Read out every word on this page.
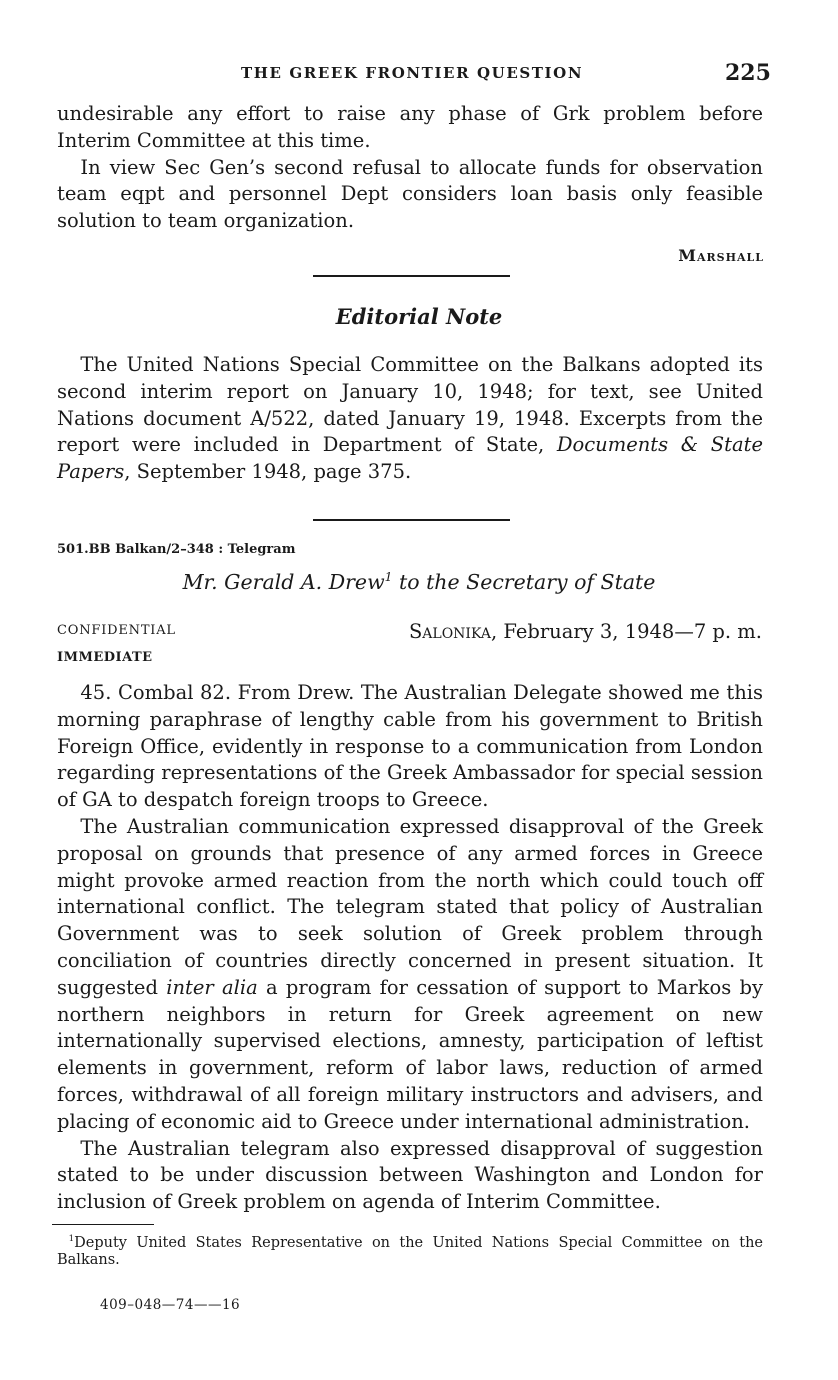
THE GREEK FRONTIER QUESTION	225

undesirable any effort to raise any phase of Grk problem before Interim Committee at this time.

In view Sec Gen’s second refusal to allocate funds for observation team eqpt and personnel Dept considers loan basis only feasible solution to team organization.

Marshall
Editorial Note

The United Nations Special Committee on the Balkans adopted its second interim report on January 10, 1948; for text, see United Nations document A/522, dated January 19, 1948. Excerpts from the report were included in Department of State, Documents & State Papers, September 1948, page 375.

501.BB Balkan/2–348 : Telegram
Mr. Gerald A. Drew$^1$ to the Secretary of State
CONFIDENTIAL
IMMEDIATE
Salonika, February 3, 1948—7 p. m.

45. Combal 82. From Drew. The Australian Delegate showed me this morning paraphrase of lengthy cable from his government to British Foreign Office, evidently in response to a communication from London regarding representations of the Greek Ambassador for special session of GA to despatch foreign troops to Greece.

The Australian communication expressed disapproval of the Greek proposal on grounds that presence of any armed forces in Greece might provoke armed reaction from the north which could touch off international conflict. The telegram stated that policy of Australian Government was to seek solution of Greek problem through conciliation of countries directly concerned in present situation. It suggested inter alia a program for cessation of support to Markos by northern neighbors in return for Greek agreement on new internationally supervised elections, amnesty, participation of leftist elements in government, reform of labor laws, reduction of armed forces, withdrawal of all foreign military instructors and advisers, and placing of economic aid to Greece under international administration.

The Australian telegram also expressed disapproval of suggestion stated to be under discussion between Washington and London for inclusion of Greek problem on agenda of Interim Committee.

$^1$Deputy United States Representative on the United Nations Special Committee on the Balkans.
409–048—74——16
